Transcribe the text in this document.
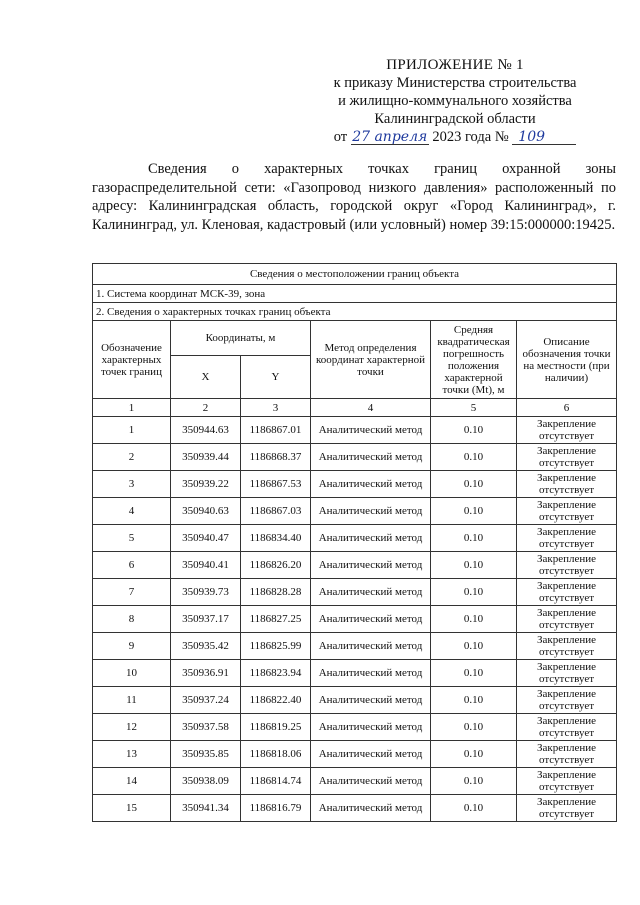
ПРИЛОЖЕНИЕ № 1
к приказу Министерства строительства
и жилищно-коммунального хозяйства
Калининградской области
от 27 апреля 2023 года № 109
Сведения о характерных точках границ охранной зоны газораспределительной сети: «Газопровод низкого давления» расположенный по адресу: Калининградская область, городской округ «Город Калининград», г. Калининград, ул. Кленовая, кадастровый (или условный) номер 39:15:000000:19425.
Сведения о местоположении границ объекта					
1. Система координат МСК-39, зона					
2. Сведения о характерных точках границ объекта					
Обозначение характерных точек границ	Координаты, м		Метод определения координат характерной точки	Средняя квадратическая погрешность положения характерной точки (Mt), м	Описание обозначения точки на местности (при наличии)
	X	Y			
1	2	3	4	5	6
1	350944.63	1186867.01	Аналитический метод	0.10	Закрепление отсутствует
2	350939.44	1186868.37	Аналитический метод	0.10	Закрепление отсутствует
3	350939.22	1186867.53	Аналитический метод	0.10	Закрепление отсутствует
4	350940.63	1186867.03	Аналитический метод	0.10	Закрепление отсутствует
5	350940.47	1186834.40	Аналитический метод	0.10	Закрепление отсутствует
6	350940.41	1186826.20	Аналитический метод	0.10	Закрепление отсутствует
7	350939.73	1186828.28	Аналитический метод	0.10	Закрепление отсутствует
8	350937.17	1186827.25	Аналитический метод	0.10	Закрепление отсутствует
9	350935.42	1186825.99	Аналитический метод	0.10	Закрепление отсутствует
10	350936.91	1186823.94	Аналитический метод	0.10	Закрепление отсутствует
11	350937.24	1186822.40	Аналитический метод	0.10	Закрепление отсутствует
12	350937.58	1186819.25	Аналитический метод	0.10	Закрепление отсутствует
13	350935.85	1186818.06	Аналитический метод	0.10	Закрепление отсутствует
14	350938.09	1186814.74	Аналитический метод	0.10	Закрепление отсутствует
15	350941.34	1186816.79	Аналитический метод	0.10	Закрепление отсутствует
